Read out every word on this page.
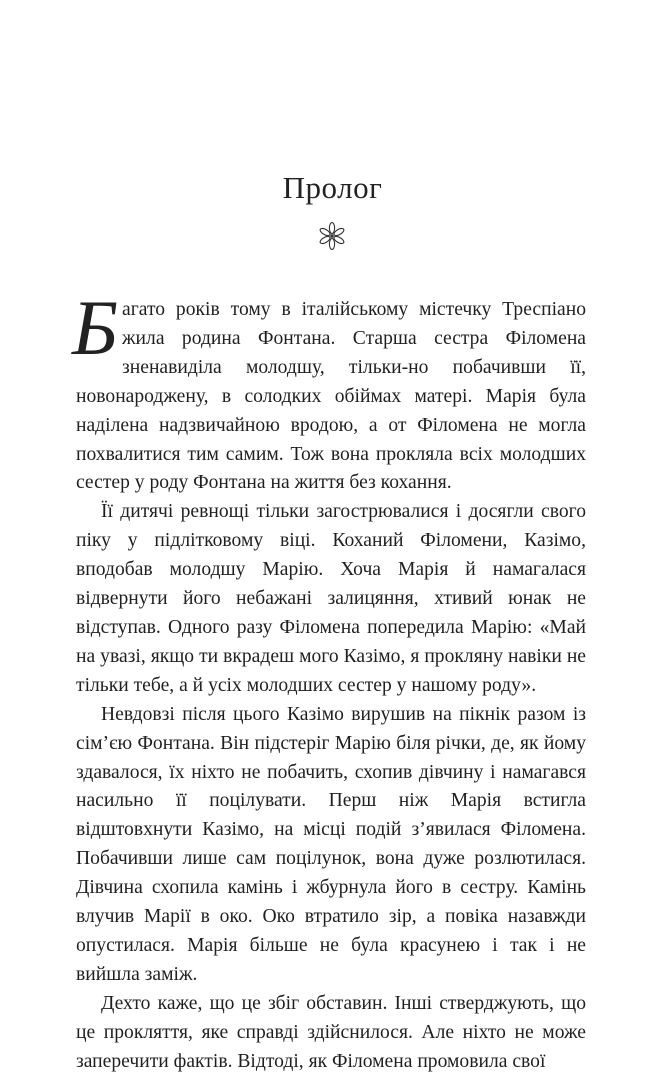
Пролог

Багато років тому в італійському містечку Треспіано жила родина Фонтана. Старша сестра Філомена зненавиділа молодшу, тільки-но побачивши її, новонароджену, в солодких обіймах матері. Марія була наділена надзвичайною вродою, а от Філомена не могла похвалитися тим самим. Тож вона прокляла всіх молодших сестер у роду Фонтана на життя без кохання.

Її дитячі ревнощі тільки загострювалися і досягли свого піку у підлітковому віці. Коханий Філомени, Казімо, вподобав молодшу Марію. Хоча Марія й намагалася відвернути його небажані залицяння, хтивий юнак не відступав. Одного разу Філомена попередила Марію: «Май на увазі, якщо ти вкрадеш мого Казімо, я прокляну навіки не тільки тебе, а й усіх молодших сестер у нашому роду».

Невдовзі після цього Казімо вирушив на пікнік разом із сім’єю Фонтана. Він підстеріг Марію біля річки, де, як йому здавалося, їх ніхто не побачить, схопив дівчину і намагався насильно її поцілувати. Перш ніж Марія встигла відштовхнути Казімо, на місці подій з’явилася Філомена. Побачивши лише сам поцілунок, вона дуже розлютилася. Дівчина схопила камінь і жбурнула його в сестру. Камінь влучив Марії в око. Око втратило зір, а повіка назавжди опустилася. Марія більше не була красунею і так і не вийшла заміж.

Дехто каже, що це збіг обставин. Інші стверджують, що це прокляття, яке справді здійснилося. Але ніхто не може заперечити фактів. Відтоді, як Філомена промовила свої
